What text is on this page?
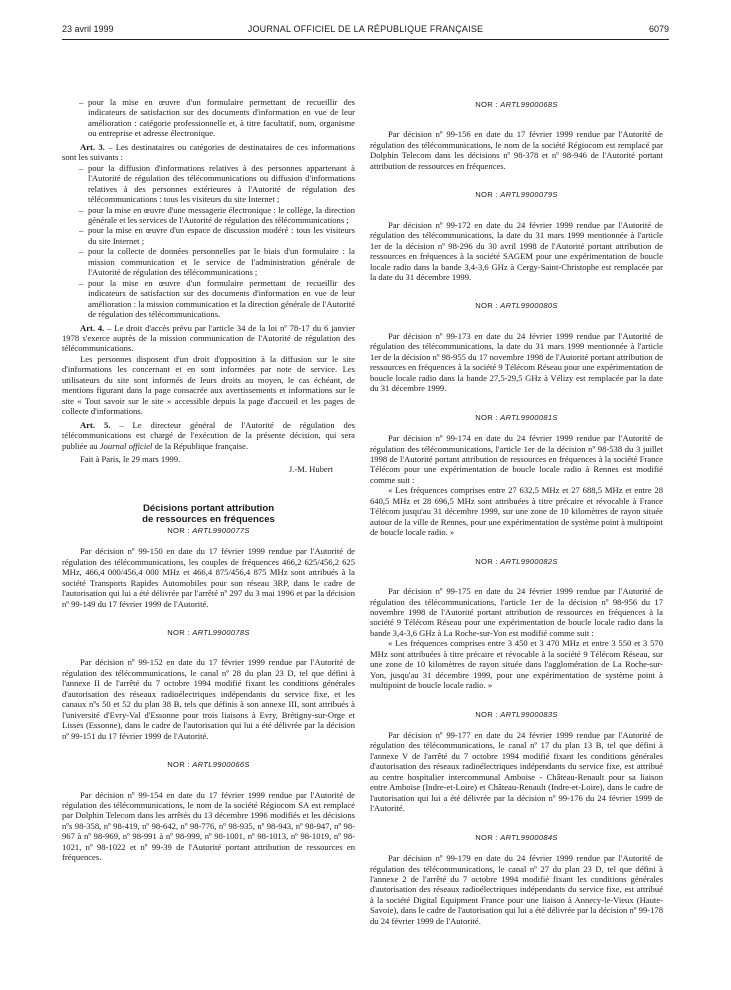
23 avril 1999	JOURNAL OFFICIEL DE LA RÉPUBLIQUE FRANÇAISE	6079
– pour la mise en œuvre d'un formulaire permettant de recueillir des indicateurs de satisfaction sur des documents d'information en vue de leur amélioration : catégorie professionnelle et, à titre facultatif, nom, organisme ou entreprise et adresse électronique.

Art. 3. – Les destinataires ou catégories de destinataires de ces informations sont les suivants :

– pour la diffusion d'informations relatives à des personnes appartenant à l'Autorité de régulation des télécommunications ou diffusion d'informations relatives à des personnes extérieures à l'Autorité de régulation des télécommunications : tous les visiteurs du site Internet ;
– pour la mise en œuvre d'une messagerie électronique : le collège, la direction générale et les services de l'Autorité de régulation des télécommunications ;
– pour la mise en œuvre d'un espace de discussion modéré : tous les visiteurs du site Internet ;
– pour la collecte de données personnelles par le biais d'un formulaire : la mission communication et le service de l'administration générale de l'Autorité de régulation des télécommunications ;
– pour la mise en œuvre d'un formulaire permettant de recueillir des indicateurs de satisfaction sur des documents d'information en vue de leur amélioration : la mission communication et la direction générale de l'Autorité de régulation des télécommunications.

Art. 4. – Le droit d'accès prévu par l'article 34 de la loi nº 78-17 du 6 janvier 1978 s'exerce auprès de la mission communication de l'Autorité de régulation des télécommunications.

Les personnes disposent d'un droit d'opposition à la diffusion sur le site d'informations les concernant et en sont informées par note de service. Les utilisateurs du site sont informés de leurs droits au moyen, le cas échéant, de mentions figurant dans la page consacrée aux avertissements et informations sur le site « Tout savoir sur le site » accessible depuis la page d'accueil et les pages de collecte d'informations.

Art. 5. – Le directeur général de l'Autorité de régulation des télécommunications est chargé de l'exécution de la présente décision, qui sera publiée au Journal officiel de la République française.

Fait à Paris, le 29 mars 1999.

J.-M. Hubert

Décisions portant attribution

de ressources en fréquences

NOR : ARTL9900077S

Par décision nº 99-150 en date du 17 février 1999 rendue par l'Autorité de régulation des télécommunications, les couples de fréquences 466,2 625/456,2 625 MHz, 466,4 000/456,4 000 MHz et 466,4 875/456,4 875 MHz sont attribués à la société Transports Rapides Automobiles pour son réseau 3RP, dans le cadre de l'autorisation qui lui a été délivrée par l'arrêté nº 297 du 3 mai 1996 et par la décision nº 99-149 du 17 février 1999 de l'Autorité.

NOR : ARTL9900078S

Par décision nº 99-152 en date du 17 février 1999 rendue par l'Autorité de régulation des télécommunications, le canal nº 28 du plan 23 D, tel que défini à l'annexe II de l'arrêté du 7 octobre 1994 modifié fixant les conditions générales d'autorisation des réseaux radioélectriques indépendants du service fixe, et les canaux nºs 50 et 52 du plan 38 B, tels que définis à son annexe III, sont attribués à l'université d'Evry-Val d'Essonne pour trois liaisons à Evry, Brétigny-sur-Orge et Lisses (Essonne), dans le cadre de l'autorisation qui lui a été délivrée par la décision nº 99-151 du 17 février 1999 de l'Autorité.

NOR : ARTL9900066S

Par décision nº 99-154 en date du 17 février 1999 rendue par l'Autorité de régulation des télécommunications, le nom de la société Régiocom SA est remplacé par Dolphin Telecom dans les arrêtés du 13 décembre 1996 modifiés et les décisions nºs 98-358, nº 98-419, nº 98-642, nº 98-776, nº 98-935, nº 98-943, nº 98-947, nº 98-967 à nº 98-969, nº 98-991 à nº 98-999, nº 98-1001, nº 98-1013, nº 98-1019, nº 98-1021, nº 98-1022 et nº 99-39 de l'Autorité portant attribution de ressources en fréquences.

NOR : ARTL9900068S

Par décision nº 99-156 en date du 17 février 1999 rendue par l'Autorité de régulation des télécommunications, le nom de la société Régiocom est remplacé par Dolphin Telecom dans les décisions nº 98-378 et nº 98-946 de l'Autorité portant attribution de ressources en fréquences.

NOR : ARTL9900079S

Par décision nº 99-172 en date du 24 février 1999 rendue par l'Autorité de régulation des télécommunications, la date du 31 mars 1999 mentionnée à l'article 1er de la décision nº 98-296 du 30 avril 1998 de l'Autorité portant attribution de ressources en fréquences à la société SAGEM pour une expérimentation de boucle locale radio dans la bande 3,4-3,6 GHz à Cergy-Saint-Christophe est remplacée par la date du 31 décembre 1999.

NOR : ARTL9900080S

Par décision nº 99-173 en date du 24 février 1999 rendue par l'Autorité de régulation des télécommunications, la date du 31 mars 1999 mentionnée à l'article 1er de la décision nº 98-955 du 17 novembre 1998 de l'Autorité portant attribution de ressources en fréquences à la société 9 Télécom Réseau pour une expérimentation de boucle locale radio dans la bande 27,5-29,5 GHz à Vélizy est remplacée par la date du 31 décembre 1999.

NOR : ARTL9900081S

Par décision nº 99-174 en date du 24 février 1999 rendue par l'Autorité de régulation des télécommunications, l'article 1er de la décision nº 98-538 du 3 juillet 1998 de l'Autorité portant attribution de ressources en fréquences à la société France Télécom pour une expérimentation de boucle locale radio à Rennes est modifié comme suit :

« Les fréquences comprises entre 27 632,5 MHz et 27 688,5 MHz et entre 28 640,5 MHz et 28 696,5 MHz sont attribuées à titre précaire et révocable à France Télécom jusqu'au 31 décembre 1999, sur une zone de 10 kilomètres de rayon située autour de la ville de Rennes, pour une expérimentation de système point à multipoint de boucle locale radio. »

NOR : ARTL9900082S

Par décision nº 99-175 en date du 24 février 1999 rendue par l'Autorité de régulation des télécommunications, l'article 1er de la décision nº 98-956 du 17 novembre 1998 de l'Autorité portant attribution de ressources en fréquences à la société 9 Télécom Réseau pour une expérimentation de boucle locale radio dans la bande 3,4-3,6 GHz à La Roche-sur-Yon est modifié comme suit :

« Les fréquences comprises entre 3 450 et 3 470 MHz et entre 3 550 et 3 570 MHz sont attribuées à titre précaire et révocable à la société 9 Télécom Réseau, sur une zone de 10 kilomètres de rayon située dans l'agglomération de La Roche-sur-Yon, jusqu'au 31 décembre 1999, pour une expérimentation de système point à multipoint de boucle locale radio. »

NOR : ARTL9900083S

Par décision nº 99-177 en date du 24 février 1999 rendue par l'Autorité de régulation des télécommunications, le canal nº 17 du plan 13 B, tel que défini à l'annexe V de l'arrêté du 7 octobre 1994 modifié fixant les conditions générales d'autorisation des réseaux radioélectriques indépendants du service fixe, est attribué au centre hospitalier intercommunal Amboise - Château-Renault pour sa liaison entre Amboise (Indre-et-Loire) et Château-Renault (Indre-et-Loire), dans le cadre de l'autorisation qui lui a été délivrée par la décision nº 99-176 du 24 février 1999 de l'Autorité.

NOR : ARTL9900084S

Par décision nº 99-179 en date du 24 février 1999 rendue par l'Autorité de régulation des télécommunications, le canal nº 27 du plan 23 D, tel que défini à l'annexe 2 de l'arrêté du 7 octobre 1994 modifié fixant les conditions générales d'autorisation des réseaux radioélectriques indépendants du service fixe, est attribué à la société Digital Equipment France pour une liaison à Annecy-le-Vieux (Haute-Savoie), dans le cadre de l'autorisation qui lui a été délivrée par la décision nº 99-178 du 24 février 1999 de l'Autorité.
